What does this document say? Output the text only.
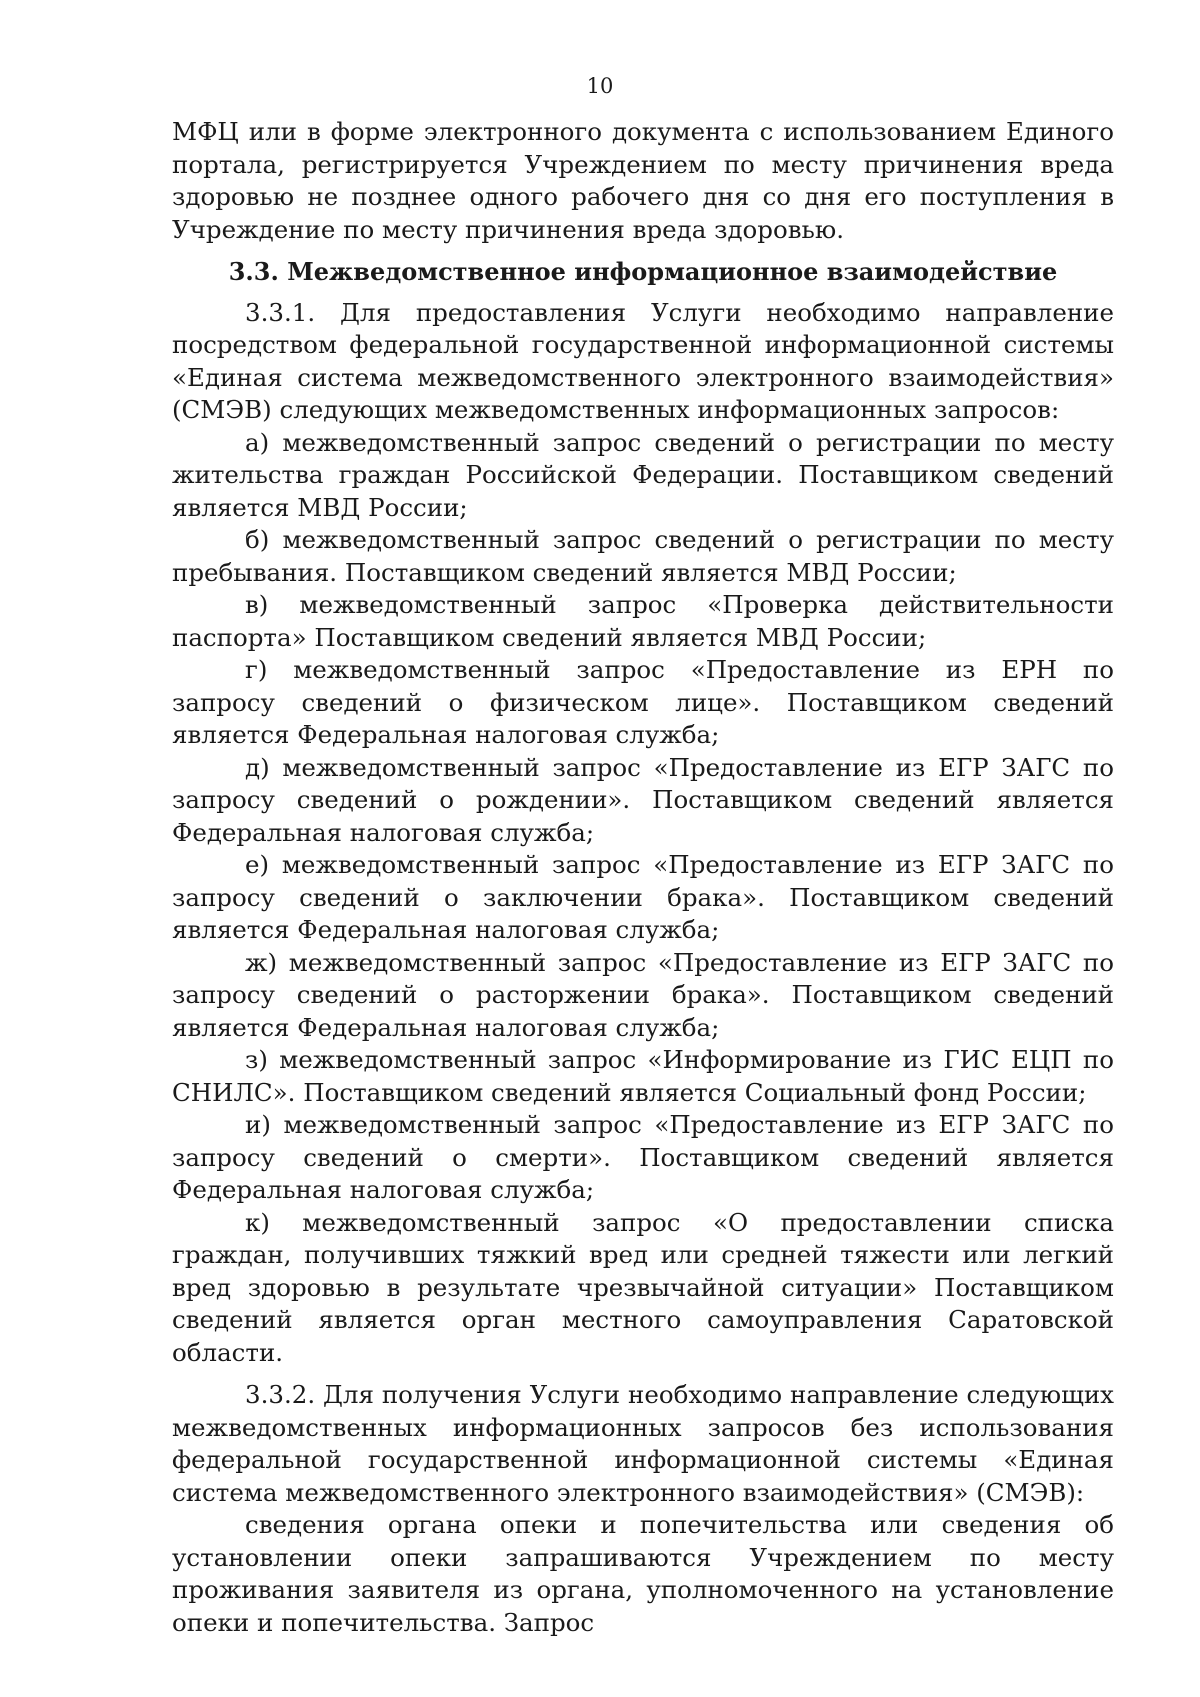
10

МФЦ или в форме электронного документа с использованием Единого портала, регистрируется Учреждением по месту причинения вреда здоровью не позднее одного рабочего дня со дня его поступления в Учреждение по месту причинения вреда здоровью.

3.3. Межведомственное информационное взаимодействие

3.3.1. Для предоставления Услуги необходимо направление посредством федеральной государственной информационной системы «Единая система межведомственного электронного взаимодействия» (СМЭВ) следующих межведомственных информационных запросов:

а) межведомственный запрос сведений о регистрации по месту жительства граждан Российской Федерации. Поставщиком сведений является МВД России;

б) межведомственный запрос сведений о регистрации по месту пребывания. Поставщиком сведений является МВД России;

в) межведомственный запрос «Проверка действительности паспорта» Поставщиком сведений является МВД России;

г) межведомственный запрос «Предоставление из ЕРН по запросу сведений о физическом лице». Поставщиком сведений является Федеральная налоговая служба;

д) межведомственный запрос «Предоставление из ЕГР ЗАГС по запросу сведений о рождении». Поставщиком сведений является Федеральная налоговая служба;

е) межведомственный запрос «Предоставление из ЕГР ЗАГС по запросу сведений о заключении брака». Поставщиком сведений является Федеральная налоговая служба;

ж) межведомственный запрос «Предоставление из ЕГР ЗАГС по запросу сведений о расторжении брака». Поставщиком сведений является Федеральная налоговая служба;

з) межведомственный запрос «Информирование из ГИС ЕЦП по СНИЛС». Поставщиком сведений является Социальный фонд России;

и) межведомственный запрос «Предоставление из ЕГР ЗАГС по запросу сведений о смерти». Поставщиком сведений является Федеральная налоговая служба;

к) межведомственный запрос «О предоставлении списка граждан, получивших тяжкий вред или средней тяжести или легкий вред здоровью в результате чрезвычайной ситуации» Поставщиком сведений является орган местного самоуправления Саратовской области.

3.3.2. Для получения Услуги необходимо направление следующих межведомственных информационных запросов без использования федеральной государственной информационной системы «Единая система межведомственного электронного взаимодействия» (СМЭВ):

сведения органа опеки и попечительства или сведения об установлении опеки запрашиваются Учреждением по месту проживания заявителя из органа, уполномоченного на установление опеки и попечительства. Запрос
